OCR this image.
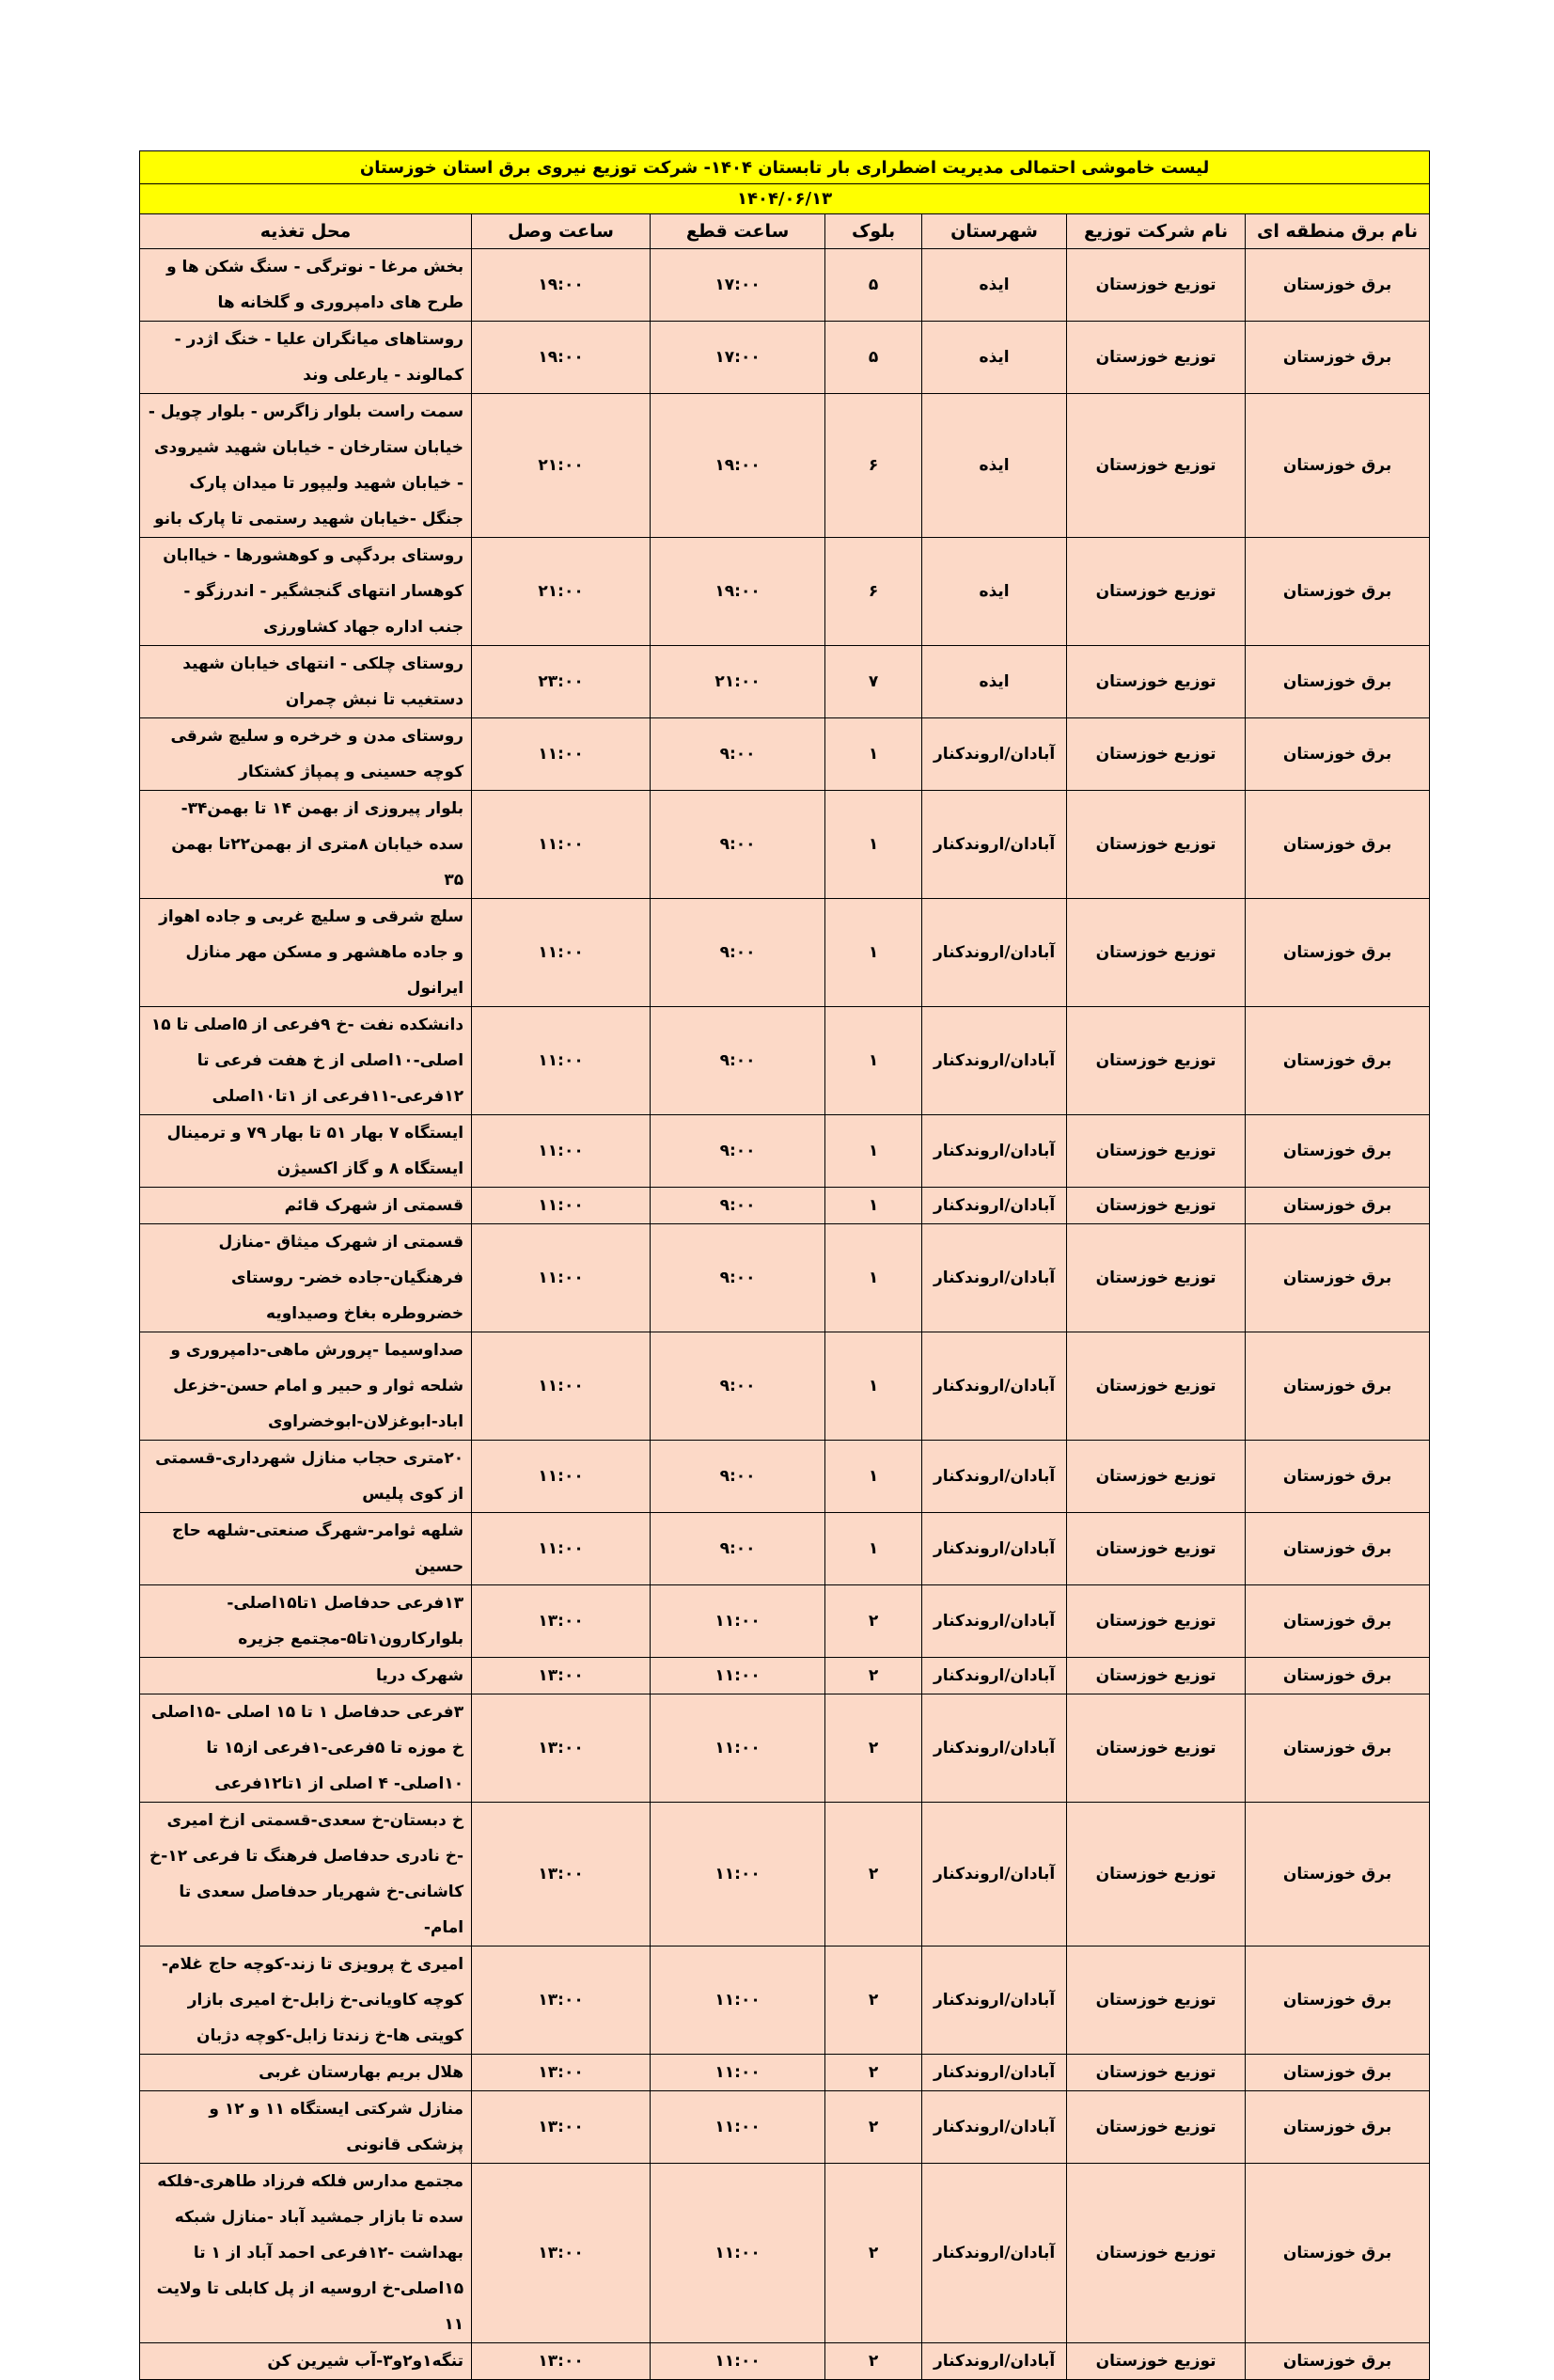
لیست خاموشی احتمالی مدیریت اضطراری بار تابستان ۱۴۰۴- شرکت توزیع نیروی برق استان خوزستان						
۱۴۰۴/۰۶/۱۳						
نام برق منطقه ای	نام شرکت توزیع	شهرستان	بلوک	ساعت قطع	ساعت وصل	محل تغذیه
برق خوزستان	توزیع خوزستان	ایذه	۵	۱۷:۰۰	۱۹:۰۰	بخش مرغا - نوترگی - سنگ شکن ها و طرح های دامپروری و گلخانه ها
برق خوزستان	توزیع خوزستان	ایذه	۵	۱۷:۰۰	۱۹:۰۰	روستاهای میانگران علیا - خنگ اژدر - کمالوند - یارعلی وند
برق خوزستان	توزیع خوزستان	ایذه	۶	۱۹:۰۰	۲۱:۰۰	سمت راست بلوار زاگرس - بلوار چویل - خیابان ستارخان - خیابان شهید شیرودی - خیابان شهید ولیپور تا میدان پارک جنگل -خیابان شهید رستمی تا پارک بانو
برق خوزستان	توزیع خوزستان	ایذه	۶	۱۹:۰۰	۲۱:۰۰	روستای بردگپی و کوهشورها - خیاابان کوهسار انتهای گنجشگیر - اندرزگو - جنب اداره جهاد کشاورزی
برق خوزستان	توزیع خوزستان	ایذه	۷	۲۱:۰۰	۲۳:۰۰	روستای چلکی - انتهای خیابان شهید دستغیب تا نبش چمران
برق خوزستان	توزیع خوزستان	آبادان/اروندکنار	۱	۹:۰۰	۱۱:۰۰	روستای مدن و خرخره و سلیچ شرقی کوچه حسینی و پمپاژ کشتکار
برق خوزستان	توزیع خوزستان	آبادان/اروندکنار	۱	۹:۰۰	۱۱:۰۰	بلوار پیروزی از بهمن ۱۴ تا بهمن۳۴-سده خیابان ۸متری از بهمن۲۲تا بهمن ۳۵
برق خوزستان	توزیع خوزستان	آبادان/اروندکنار	۱	۹:۰۰	۱۱:۰۰	سلچ شرقی و سلیچ غربی و جاده اهواز و جاده ماهشهر و مسکن مهر منازل ایرانول
برق خوزستان	توزیع خوزستان	آبادان/اروندکنار	۱	۹:۰۰	۱۱:۰۰	دانشکده نفت -خ ۹فرعی از ۵اصلی تا ۱۵ اصلی-۱۰اصلی از خ هفت فرعی تا ۱۲فرعی-۱۱فرعی از ۱تا۱۰اصلی
برق خوزستان	توزیع خوزستان	آبادان/اروندکنار	۱	۹:۰۰	۱۱:۰۰	ایستگاه ۷ بهار ۵۱ تا بهار ۷۹ و ترمینال ایستگاه ۸ و گاز اکسیژن
برق خوزستان	توزیع خوزستان	آبادان/اروندکنار	۱	۹:۰۰	۱۱:۰۰	قسمتی از شهرک قائم
برق خوزستان	توزیع خوزستان	آبادان/اروندکنار	۱	۹:۰۰	۱۱:۰۰	قسمتی از شهرک میثاق -منازل فرهنگیان-جاده خضر- روستای خضروطره بغاخ وصیداویه
برق خوزستان	توزیع خوزستان	آبادان/اروندکنار	۱	۹:۰۰	۱۱:۰۰	صداوسیما -پرورش ماهی-دامپروری و شلحه ثوار و حبیر و امام حسن-خزعل اباد-ابوغزلان-ابوخضراوی
برق خوزستان	توزیع خوزستان	آبادان/اروندکنار	۱	۹:۰۰	۱۱:۰۰	۲۰متری حجاب منازل شهرداری-قسمتی از کوی پلیس
برق خوزستان	توزیع خوزستان	آبادان/اروندکنار	۱	۹:۰۰	۱۱:۰۰	شلهه ثوامر-شهرگ صنعتی-شلهه حاج حسین
برق خوزستان	توزیع خوزستان	آبادان/اروندکنار	۲	۱۱:۰۰	۱۳:۰۰	۱۳فرعی حدفاصل ۱تا۱۵اصلی- بلوارکارون۱تا۵-مجتمع جزیره
برق خوزستان	توزیع خوزستان	آبادان/اروندکنار	۲	۱۱:۰۰	۱۳:۰۰	شهرک دریا
برق خوزستان	توزیع خوزستان	آبادان/اروندکنار	۲	۱۱:۰۰	۱۳:۰۰	۳فرعی حدفاصل ۱ تا ۱۵ اصلی -۱۵اصلی خ موزه تا ۵فرعی-۱فرعی از۱۵ تا ۱۰اصلی- ۴ اصلی از ۱تا۱۲فرعی
برق خوزستان	توزیع خوزستان	آبادان/اروندکنار	۲	۱۱:۰۰	۱۳:۰۰	خ دبستان-خ سعدی-قسمتی ازخ امیری -خ نادری حدفاصل فرهنگ تا فرعی ۱۲-خ کاشانی-خ شهریار حدفاصل سعدی تا امام-
برق خوزستان	توزیع خوزستان	آبادان/اروندکنار	۲	۱۱:۰۰	۱۳:۰۰	امیری خ پرویزی تا زند-کوچه حاج غلام-کوچه کاویانی-خ زابل-خ امیری بازار کویتی ها-خ زندتا زابل-کوچه دژبان
برق خوزستان	توزیع خوزستان	آبادان/اروندکنار	۲	۱۱:۰۰	۱۳:۰۰	هلال بریم بهارستان غربی
برق خوزستان	توزیع خوزستان	آبادان/اروندکنار	۲	۱۱:۰۰	۱۳:۰۰	منازل شرکتی ایستگاه ۱۱ و ۱۲ و پزشکی قانونی
برق خوزستان	توزیع خوزستان	آبادان/اروندکنار	۲	۱۱:۰۰	۱۳:۰۰	مجتمع مدارس فلکه فرزاد طاهری-فلکه سده تا بازار جمشید آباد -منازل شبکه بهداشت -۱۲فرعی احمد آباد از ۱ تا ۱۵اصلی-خ اروسیه از پل کابلی تا ولایت ۱۱
برق خوزستان	توزیع خوزستان	آبادان/اروندکنار	۲	۱۱:۰۰	۱۳:۰۰	تنگه۱و۲و۳-آب شیرین کن
